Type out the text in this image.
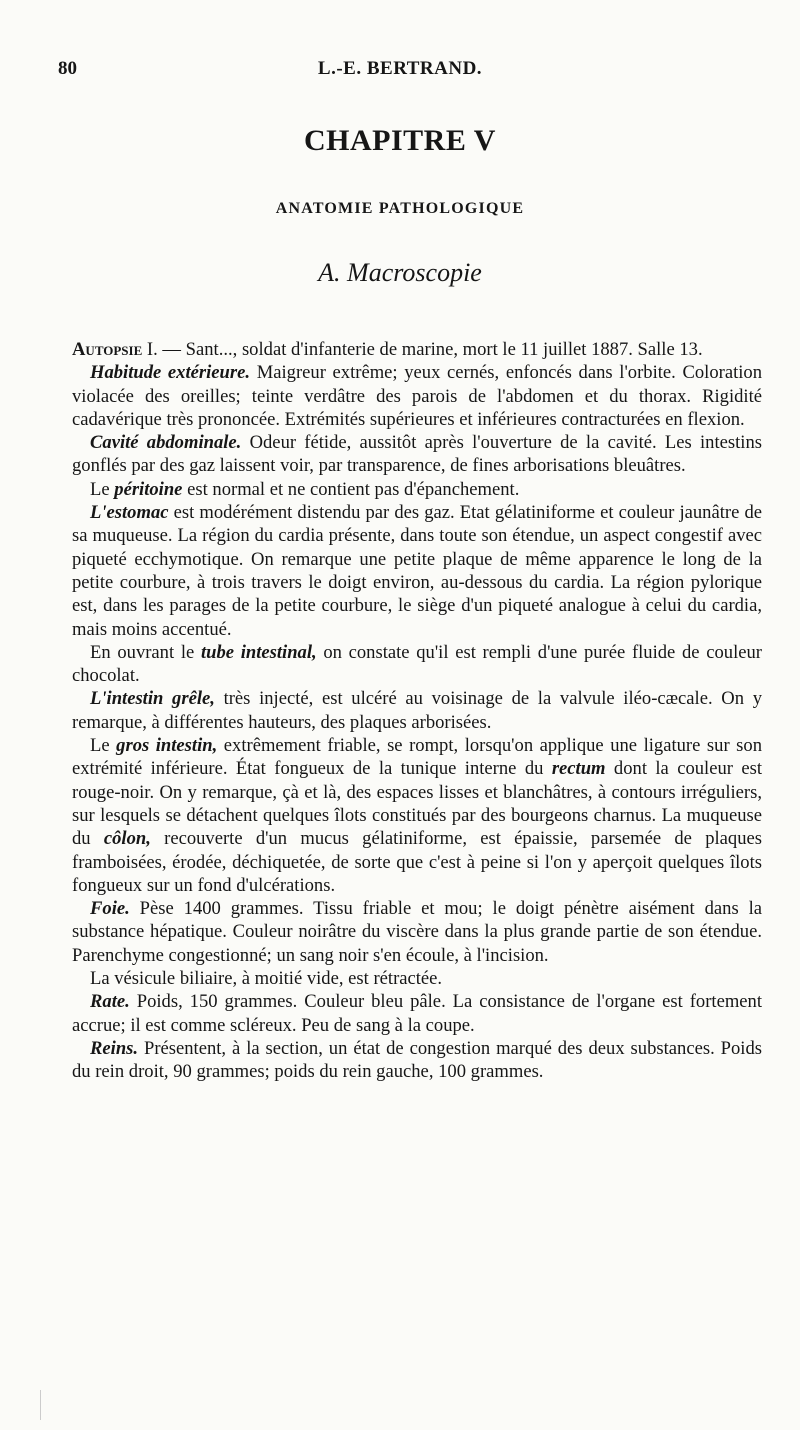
80	L.-E. BERTRAND.
CHAPITRE V
ANATOMIE PATHOLOGIQUE
A. Macroscopie

Autopsie I. — Sant..., soldat d'infanterie de marine, mort le 11 juillet 1887. Salle 13.

Habitude extérieure. Maigreur extrême; yeux cernés, enfoncés dans l'orbite. Coloration violacée des oreilles; teinte verdâtre des parois de l'abdomen et du thorax. Rigidité cadavérique très prononcée. Extrémités supérieures et inférieures contracturées en flexion.

Cavité abdominale. Odeur fétide, aussitôt après l'ouverture de la cavité. Les intestins gonflés par des gaz laissent voir, par transparence, de fines arborisations bleuâtres.

Le péritoine est normal et ne contient pas d'épanchement.

L'estomac est modérément distendu par des gaz. Etat gélatiniforme et couleur jaunâtre de sa muqueuse. La région du cardia présente, dans toute son étendue, un aspect congestif avec piqueté ecchymotique. On remarque une petite plaque de même apparence le long de la petite courbure, à trois travers le doigt environ, au-dessous du cardia. La région pylorique est, dans les parages de la petite courbure, le siège d'un piqueté analogue à celui du cardia, mais moins accentué.

En ouvrant le tube intestinal, on constate qu'il est rempli d'une purée fluide de couleur chocolat.

L'intestin grêle, très injecté, est ulcéré au voisinage de la valvule iléo-cæcale. On y remarque, à différentes hauteurs, des plaques arborisées.

Le gros intestin, extrêmement friable, se rompt, lorsqu'on applique une ligature sur son extrémité inférieure. État fongueux de la tunique interne du rectum dont la couleur est rouge-noir. On y remarque, çà et là, des espaces lisses et blanchâtres, à contours irréguliers, sur lesquels se détachent quelques îlots constitués par des bourgeons charnus. La muqueuse du côlon, recouverte d'un mucus gélatiniforme, est épaissie, parsemée de plaques framboisées, érodée, déchiquetée, de sorte que c'est à peine si l'on y aperçoit quelques îlots fongueux sur un fond d'ulcérations.

Foie. Pèse 1400 grammes. Tissu friable et mou; le doigt pénètre aisément dans la substance hépatique. Couleur noirâtre du viscère dans la plus grande partie de son étendue. Parenchyme congestionné; un sang noir s'en écoule, à l'incision.

La vésicule biliaire, à moitié vide, est rétractée.

Rate. Poids, 150 grammes. Couleur bleu pâle. La consistance de l'organe est fortement accrue; il est comme scléreux. Peu de sang à la coupe.

Reins. Présentent, à la section, un état de congestion marqué des deux substances. Poids du rein droit, 90 grammes; poids du rein gauche, 100 grammes.
